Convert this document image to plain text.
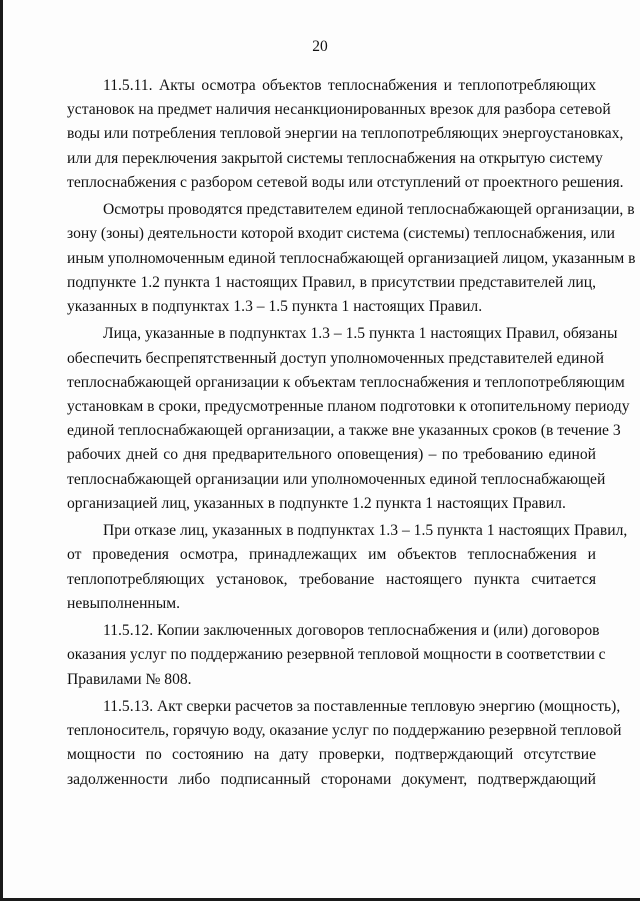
20

11.5.11. Акты осмотра объектов теплоснабжения и теплопотребляющих
установок на предмет наличия несанкционированных врезок для разбора сетевой
воды или потребления тепловой энергии на теплопотребляющих энергоустановках,
или для переключения закрытой системы теплоснабжения на открытую систему
теплоснабжения с разбором сетевой воды или отступлений от проектного решения.

Осмотры проводятся представителем единой теплоснабжающей организации, в
зону (зоны) деятельности которой входит система (системы) теплоснабжения, или
иным уполномоченным единой теплоснабжающей организацией лицом, указанным в
подпункте 1.2 пункта 1 настоящих Правил, в присутствии представителей лиц,
указанных в подпунктах 1.3 – 1.5 пункта 1 настоящих Правил.

Лица, указанные в подпунктах 1.3 – 1.5 пункта 1 настоящих Правил, обязаны
обеспечить беспрепятственный доступ уполномоченных представителей единой
теплоснабжающей организации к объектам теплоснабжения и теплопотребляющим
установкам в сроки, предусмотренные планом подготовки к отопительному периоду
единой теплоснабжающей организации, а также вне указанных сроков (в течение 3
рабочих дней со дня предварительного оповещения) – по требованию единой
теплоснабжающей организации или уполномоченных единой теплоснабжающей
организацией лиц, указанных в подпункте 1.2 пункта 1 настоящих Правил.

При отказе лиц, указанных в подпунктах 1.3 – 1.5 пункта 1 настоящих Правил,
от проведения осмотра, принадлежащих им объектов теплоснабжения и
теплопотребляющих установок, требование настоящего пункта считается
невыполненным.

11.5.12. Копии заключенных договоров теплоснабжения и (или) договоров
оказания услуг по поддержанию резервной тепловой мощности в соответствии с
Правилами № 808.

11.5.13. Акт сверки расчетов за поставленные тепловую энергию (мощность),
теплоноситель, горячую воду, оказание услуг по поддержанию резервной тепловой
мощности по состоянию на дату проверки, подтверждающий отсутствие
задолженности либо подписанный сторонами документ, подтверждающий
